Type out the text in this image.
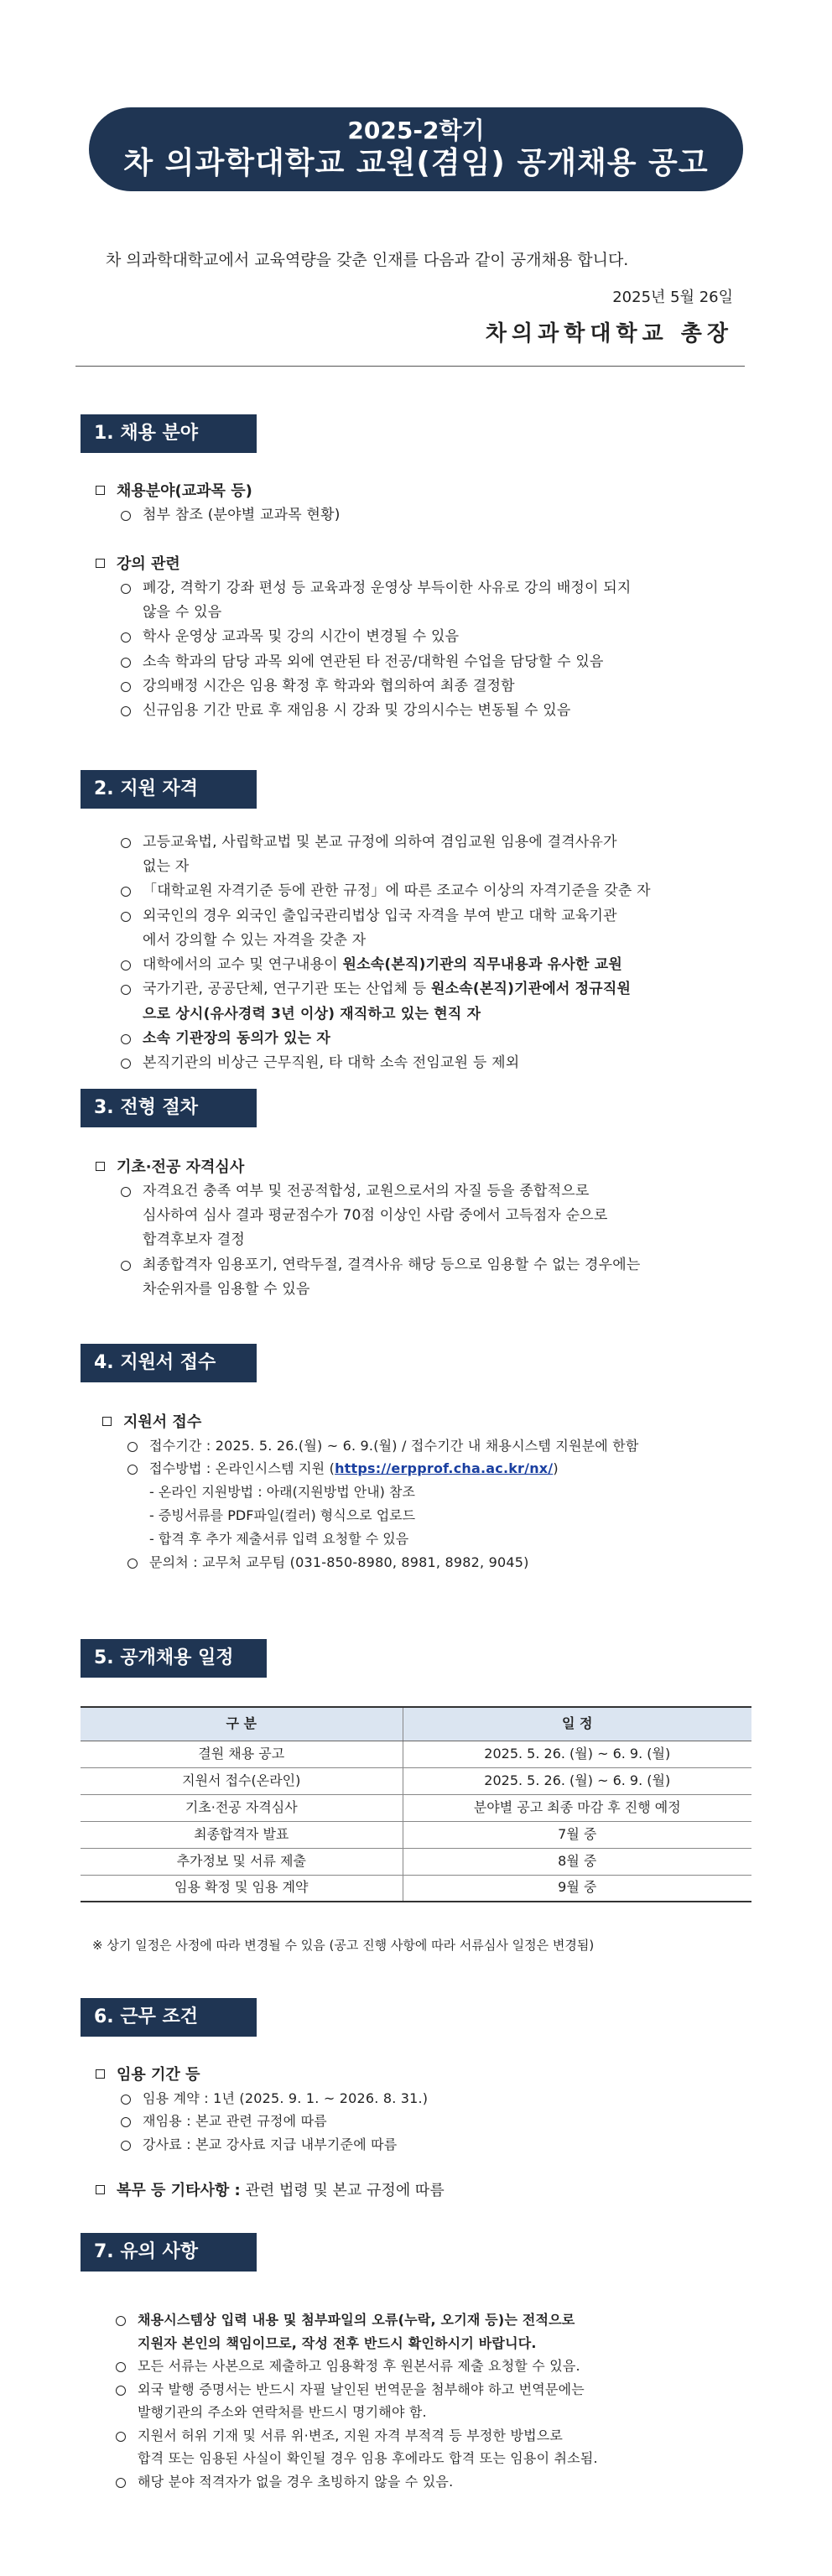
2025-2학기
차 의과학대학교 교원(겸임) 공개채용 공고
차 의과학대학교에서 교육역량을 갖춘 인재를 다음과 같이 공개채용 합니다.
2025년 5월 26일
차의과학대학교 총장
1. 채용 분야
채용분야(교과목 등)
첨부 참조 (분야별 교과목 현황)
강의 관련
폐강, 격학기 강좌 편성 등 교육과정 운영상 부득이한 사유로 강의 배정이 되지
않을 수 있음
학사 운영상 교과목 및 강의 시간이 변경될 수 있음
소속 학과의 담당 과목 외에 연관된 타 전공/대학원 수업을 담당할 수 있음
강의배정 시간은 임용 확정 후 학과와 협의하여 최종 결정함
신규임용 기간 만료 후 재임용 시 강좌 및 강의시수는 변동될 수 있음
2. 지원 자격
고등교육법, 사립학교법 및 본교 규정에 의하여 겸임교원 임용에 결격사유가
없는 자
「대학교원 자격기준 등에 관한 규정」에 따른 조교수 이상의 자격기준을 갖춘 자
외국인의 경우 외국인 출입국관리법상 입국 자격을 부여 받고 대학 교육기관
에서 강의할 수 있는 자격을 갖춘 자
대학에서의 교수 및 연구내용이 원소속(본직)기관의 직무내용과 유사한 교원
국가기관, 공공단체, 연구기관 또는 산업체 등 원소속(본직)기관에서 정규직원
으로 상시(유사경력 3년 이상) 재직하고 있는 현직 자
소속 기관장의 동의가 있는 자
본직기관의 비상근 근무직원, 타 대학 소속 전임교원 등 제외
3. 전형 절차
기초·전공 자격심사
자격요건 충족 여부 및 전공적합성, 교원으로서의 자질 등을 종합적으로
심사하여 심사 결과 평균점수가 70점 이상인 사람 중에서 고득점자 순으로
합격후보자 결정
최종합격자 임용포기, 연락두절, 결격사유 해당 등으로 임용할 수 없는 경우에는
차순위자를 임용할 수 있음
4. 지원서 접수
지원서 접수
접수기간 : 2025. 5. 26.(월) ~ 6. 9.(월) / 접수기간 내 채용시스템 지원분에 한함
접수방법 : 온라인시스템 지원 (https://erpprof.cha.ac.kr/nx/)
- 온라인 지원방법 : 아래(지원방법 안내) 참조
- 증빙서류를 PDF파일(컬러) 형식으로 업로드
- 합격 후 추가 제출서류 입력 요청할 수 있음
문의처 : 교무처 교무팀 (031-850-8980, 8981, 8982, 9045)
5. 공개채용 일정
구 분	일 정
결원 채용 공고	2025. 5. 26. (월) ~ 6. 9. (월)
지원서 접수(온라인)	2025. 5. 26. (월) ~ 6. 9. (월)
기초·전공 자격심사	분야별 공고 최종 마감 후 진행 예정
최종합격자 발표	7월 중
추가정보 및 서류 제출	8월 중
임용 확정 및 임용 계약	9월 중
※ 상기 일정은 사정에 따라 변경될 수 있음 (공고 진행 사항에 따라 서류심사 일정은 변경됨)
6. 근무 조건
임용 기간 등
임용 계약 : 1년 (2025. 9. 1. ~ 2026. 8. 31.)
재임용 : 본교 관련 규정에 따름
강사료 : 본교 강사료 지급 내부기준에 따름
복무 등 기타사항 : 관련 법령 및 본교 규정에 따름
7. 유의 사항
채용시스템상 입력 내용 및 첨부파일의 오류(누락, 오기재 등)는 전적으로
지원자 본인의 책임이므로, 작성 전후 반드시 확인하시기 바랍니다.
모든 서류는 사본으로 제출하고 임용확정 후 원본서류 제출 요청할 수 있음.
외국 발행 증명서는 반드시 자필 날인된 번역문을 첨부해야 하고 번역문에는
발행기관의 주소와 연락처를 반드시 명기해야 함.
지원서 허위 기재 및 서류 위·변조, 지원 자격 부적격 등 부정한 방법으로
합격 또는 임용된 사실이 확인될 경우 임용 후에라도 합격 또는 임용이 취소됨.
해당 분야 적격자가 없을 경우 초빙하지 않을 수 있음.
